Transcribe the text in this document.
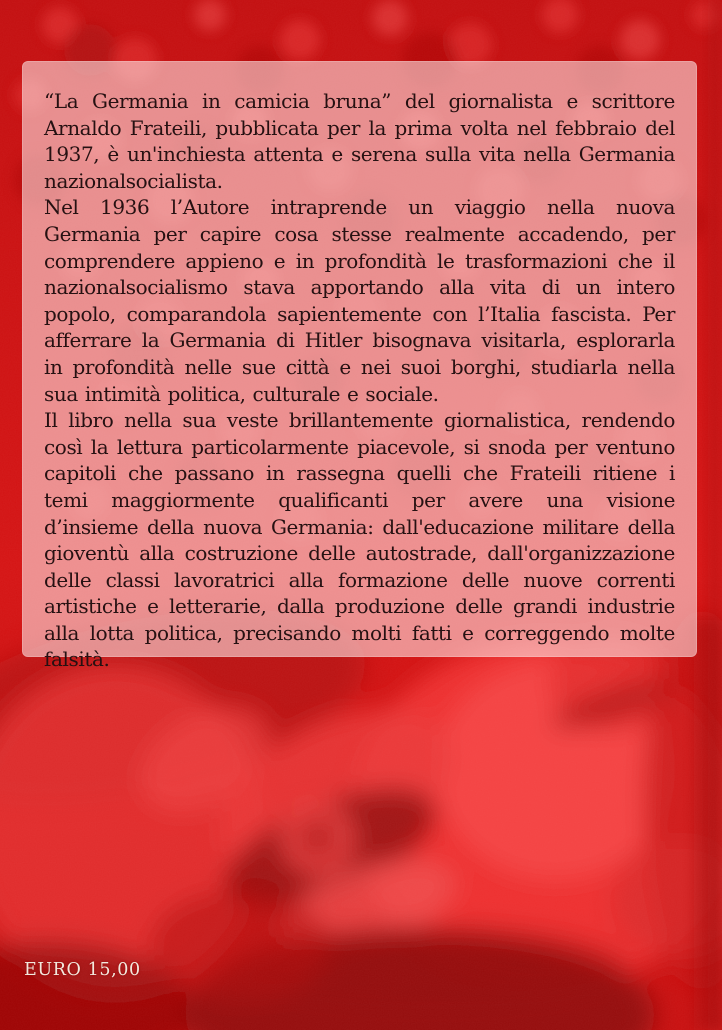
“La Germania in camicia bruna” del giornalista e scrittore Arnaldo Frateili, pubblicata per la prima volta nel febbraio del 1937, è un'inchiesta attenta e serena sulla vita nella Germania nazionalsocialista.

Nel 1936 l’Autore intraprende un viaggio nella nuova Germania per capire cosa stesse realmente accadendo, per comprendere appieno e in profondità le trasformazioni che il nazionalsocialismo stava apportando alla vita di un intero popolo, comparandola sapientemente con l’Italia fascista. Per afferrare la Germania di Hitler bisognava visitarla, esplorarla in profondità nelle sue città e nei suoi borghi, studiarla nella sua intimità politica, culturale e sociale.

Il libro nella sua veste brillantemente giornalistica, rendendo così la lettura particolarmente piacevole, si snoda per ventuno capitoli che passano in rassegna quelli che Frateili ritiene i temi maggiormente qualificanti per avere una visione d’insieme della nuova Germania: dall'educazione militare della gioventù alla costruzione delle autostrade, dall'organizzazione delle classi lavoratrici alla formazione delle nuove correnti artistiche e letterarie, dalla produzione delle grandi industrie alla lotta politica, precisando molti fatti e correggendo molte falsità.

EURO 15,00
